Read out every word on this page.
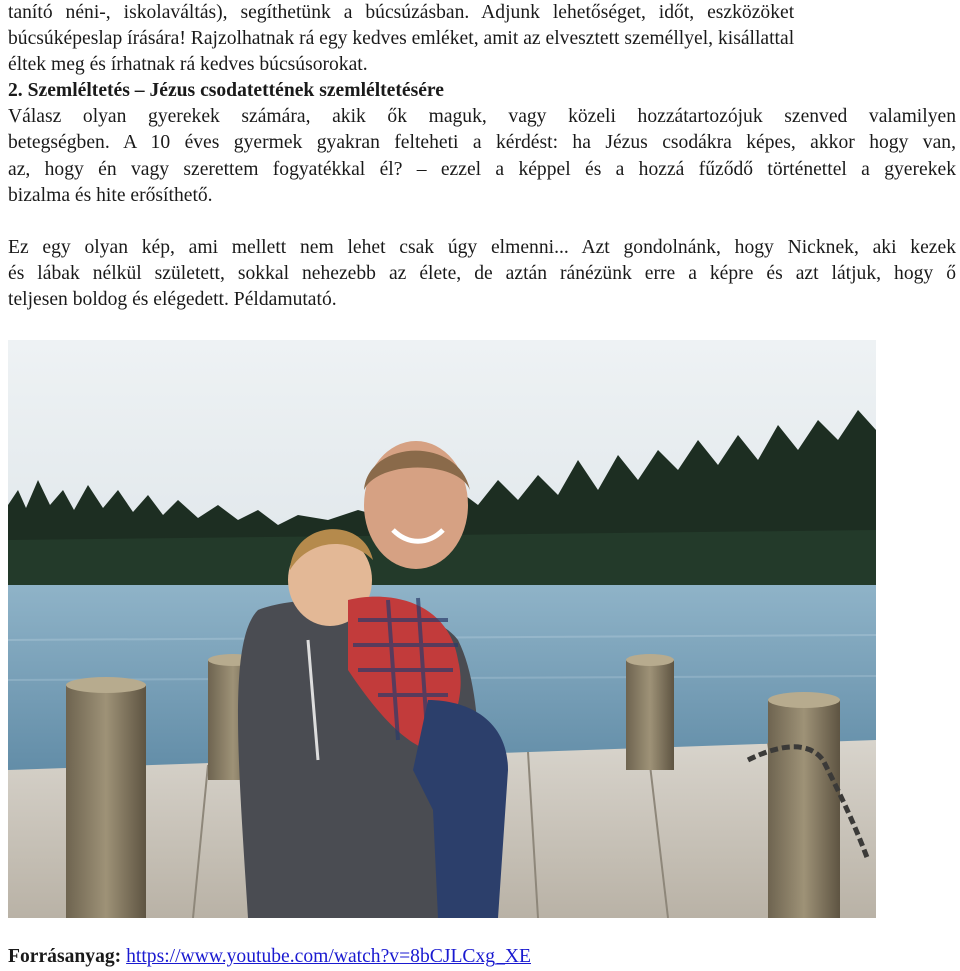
tanító néni-, iskolaváltás), segíthetünk a búcsúzásban. Adjunk lehetőséget, időt, eszközöket
búcsúképeslap írására! Rajzolhatnak rá egy kedves emléket, amit az elvesztett személlyel, kisállattal
éltek meg és írhatnak rá kedves búcsúsorokat.
2. Szemléltetés – Jézus csodatettének szemléltetésére
Válasz olyan gyerekek számára, akik ők maguk, vagy közeli hozzátartozójuk szenved valamilyen
betegségben. A 10 éves gyermek gyakran felteheti a kérdést: ha Jézus csodákra képes, akkor hogy van,
az, hogy én vagy szerettem fogyatékkal él? – ezzel a képpel és a hozzá fűződő történettel a gyerekek
bizalma és hite erősíthető.
Ez egy olyan kép, ami mellett nem lehet csak úgy elmenni... Azt gondolnánk, hogy Nicknek, aki kezek
és lábak nélkül született, sokkal nehezebb az élete, de aztán ránézünk erre a képre és azt látjuk, hogy ő
teljesen boldog és elégedett. Példamutató.
Forrásanyag: https://www.youtube.com/watch?v=8bCJLCxg_XE
